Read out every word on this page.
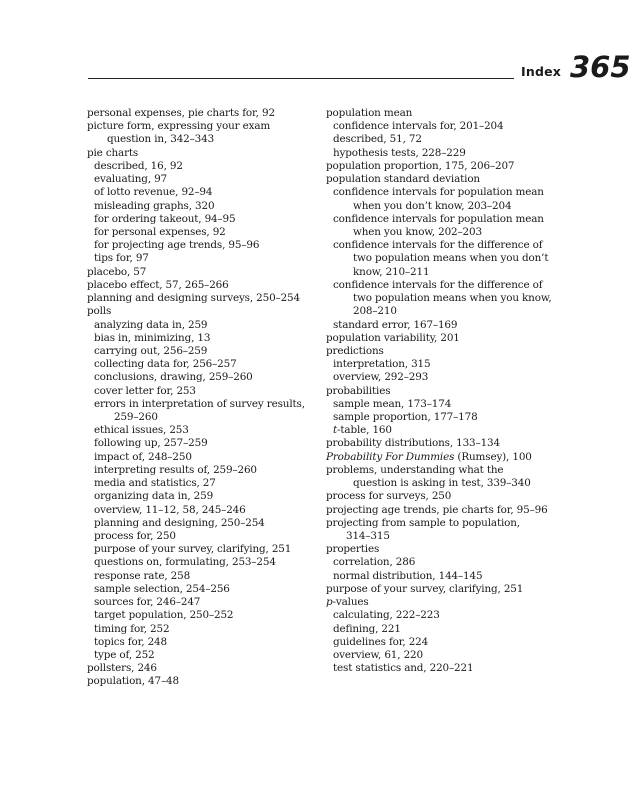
Index 365
personal expenses, pie charts for, 92
picture form, expressing your exam
question in, 342–343
pie charts
described, 16, 92
evaluating, 97
of lotto revenue, 92–94
misleading graphs, 320
for ordering takeout, 94–95
for personal expenses, 92
for projecting age trends, 95–96
tips for, 97
placebo, 57
placebo effect, 57, 265–266
planning and designing surveys, 250–254
polls
analyzing data in, 259
bias in, minimizing, 13
carrying out, 256–259
collecting data for, 256–257
conclusions, drawing, 259–260
cover letter for, 253
errors in interpretation of survey results,
259–260
ethical issues, 253
following up, 257–259
impact of, 248–250
interpreting results of, 259–260
media and statistics, 27
organizing data in, 259
overview, 11–12, 58, 245–246
planning and designing, 250–254
process for, 250
purpose of your survey, clarifying, 251
questions on, formulating, 253–254
response rate, 258
sample selection, 254–256
sources for, 246–247
target population, 250–252
timing for, 252
topics for, 248
type of, 252
pollsters, 246
population, 47–48
population mean
confidence intervals for, 201–204
described, 51, 72
hypothesis tests, 228–229
population proportion, 175, 206–207
population standard deviation
confidence intervals for population mean
when you don’t know, 203–204
confidence intervals for population mean
when you know, 202–203
confidence intervals for the difference of
two population means when you don’t
know, 210–211
confidence intervals for the difference of
two population means when you know,
208–210
standard error, 167–169
population variability, 201
predictions
interpretation, 315
overview, 292–293
probabilities
sample mean, 173–174
sample proportion, 177–178
t-table, 160
probability distributions, 133–134
Probability For Dummies (Rumsey), 100
problems, understanding what the
question is asking in test, 339–340
process for surveys, 250
projecting age trends, pie charts for, 95–96
projecting from sample to population,
314–315
properties
correlation, 286
normal distribution, 144–145
purpose of your survey, clarifying, 251
p-values
calculating, 222–223
defining, 221
guidelines for, 224
overview, 61, 220
test statistics and, 220–221
